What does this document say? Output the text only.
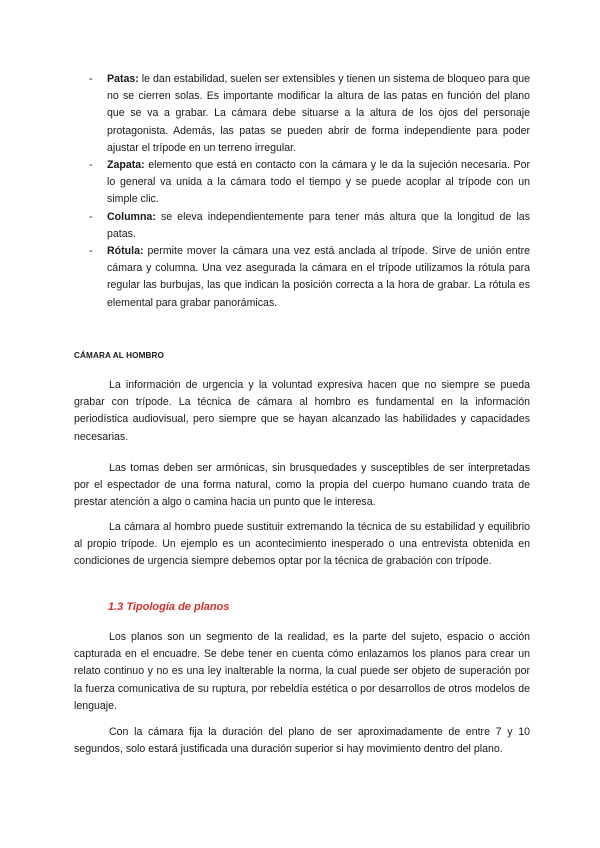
- Patas: le dan estabilidad, suelen ser extensibles y tienen un sistema de bloqueo para que no se cierren solas. Es importante modificar la altura de las patas en función del plano que se va a grabar. La cámara debe situarse a la altura de los ojos del personaje protagonista. Además, las patas se pueden abrir de forma independiente para poder ajustar el trípode en un terreno irregular.
- Zapata: elemento que está en contacto con la cámara y le da la sujeción necesaria. Por lo general va unida a la cámara todo el tiempo y se puede acoplar al trípode con un simple clic.
- Columna: se eleva independientemente para tener más altura que la longitud de las patas.
- Rótula: permite mover la cámara una vez está anclada al trípode. Sirve de unión entre cámara y columna. Una vez asegurada la cámara en el trípode utilizamos la rótula para regular las burbujas, las que indican la posición correcta a la hora de grabar. La rótula es elemental para grabar panorámicas.
CÁMARA AL HOMBRO

La información de urgencia y la voluntad expresiva hacen que no siempre se pueda grabar con trípode. La técnica de cámara al hombro es fundamental en la información periodística audiovisual, pero siempre que se hayan alcanzado las habilidades y capacidades necesarias.

Las tomas deben ser armónicas, sin brusquedades y susceptibles de ser interpretadas por el espectador de una forma natural, como la propia del cuerpo humano cuando trata de prestar atención a algo o camina hacia un punto que le interesa.

La cámara al hombro puede sustituir extremando la técnica de su estabilidad y equilibrio al propio trípode. Un ejemplo es un acontecimiento inesperado o una entrevista obtenida en condiciones de urgencia siempre debemos optar por la técnica de grabación con trípode.

1.3 Tipología de planos

Los planos son un segmento de la realidad, es la parte del sujeto, espacio o acción capturada en el encuadre. Se debe tener en cuenta cómo enlazamos los planos para crear un relato continuo y no es una ley inalterable la norma, la cual puede ser objeto de superación por la fuerza comunicativa de su ruptura, por rebeldía estética o por desarrollos de otros modelos de lenguaje.

Con la cámara fija la duración del plano de ser aproximadamente de entre 7 y 10 segundos, solo estará justificada una duración superior si hay movimiento dentro del plano.
